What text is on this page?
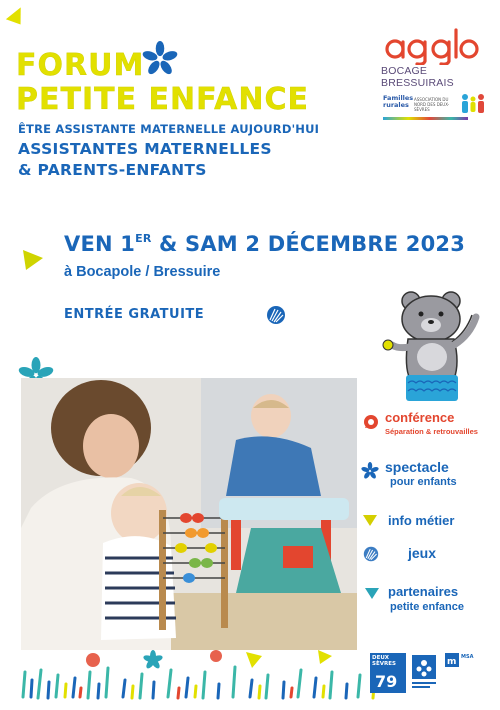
FORUM
PETITE ENFANCE
ÊTRE ASSISTANTE MATERNELLE AUJOURD'HUI
ASSISTANTES MATERNELLES
& PARENTS-ENFANTS
BOCAGE BRESSUIRAIS
Familles rurales
ASSOCIATION DU NORD DES DEUX-SÈVRES
VEN 1ER & SAM 2 DÉCEMBRE 2023
à Bocapole / Bressuire
ENTRÉE GRATUITE
conférence
Séparation & retrouvailles
spectacle
pour enfants
info métier
jeux
partenaires
petite enfance
DEUX SÈVRES
79
m MSA
